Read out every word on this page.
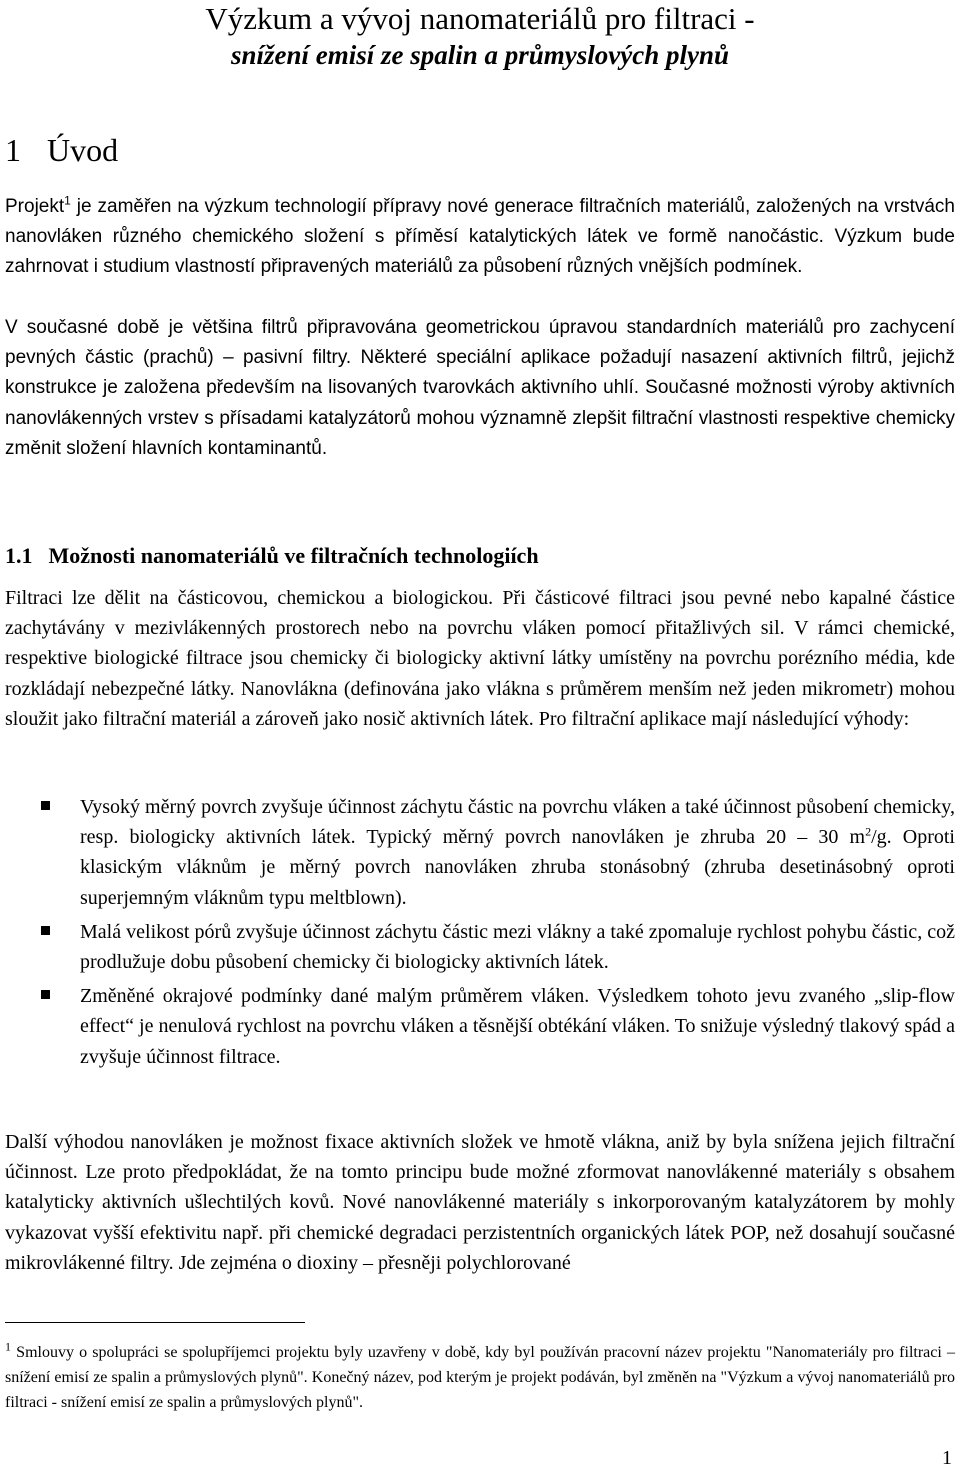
Výzkum a vývoj nanomateriálů pro filtraci -
snížení emisí ze spalin a průmyslových plynů
1 Úvod
Projekt$^1$ je zaměřen na výzkum technologií přípravy nové generace filtračních materiálů, založených na vrstvách nanovláken různého chemického složení s příměsí katalytických látek ve formě nanočástic. Výzkum bude zahrnovat i studium vlastností připravených materiálů za působení různých vnějších podmínek.
V současné době je většina filtrů připravována geometrickou úpravou standardních materiálů pro zachycení pevných částic (prachů) – pasivní filtry. Některé speciální aplikace požadují nasazení aktivních filtrů, jejichž konstrukce je založena především na lisovaných tvarovkách aktivního uhlí. Současné možnosti výroby aktivních nanovlákenných vrstev s přísadami katalyzátorů mohou významně zlepšit filtrační vlastnosti respektive chemicky změnit složení hlavních kontaminantů.
1.1 Možnosti nanomateriálů ve filtračních technologiích
Filtraci lze dělit na částicovou, chemickou a biologickou. Při částicové filtraci jsou pevné nebo kapalné částice zachytávány v mezivlákenných prostorech nebo na povrchu vláken pomocí přitažlivých sil. V rámci chemické, respektive biologické filtrace jsou chemicky či biologicky aktivní látky umístěny na povrchu porézního média, kde rozkládají nebezpečné látky. Nanovlákna (definována jako vlákna s průměrem menším než jeden mikrometr) mohou sloužit jako filtrační materiál a zároveň jako nosič aktivních látek. Pro filtrační aplikace mají následující výhody:
Vysoký měrný povrch zvyšuje účinnost záchytu částic na povrchu vláken a také účinnost působení chemicky, resp. biologicky aktivních látek. Typický měrný povrch nanovláken je zhruba 20 – 30 $m^2/g$. Oproti klasickým vláknům je měrný povrch nanovláken zhruba stonásobný (zhruba desetinásobný oproti superjemným vláknům typu meltblown).
Malá velikost pórů zvyšuje účinnost záchytu částic mezi vlákny a také zpomaluje rychlost pohybu částic, což prodlužuje dobu působení chemicky či biologicky aktivních látek.
Změněné okrajové podmínky dané malým průměrem vláken. Výsledkem tohoto jevu zvaného „slip-flow effect“ je nenulová rychlost na povrchu vláken a těsnější obtékání vláken. To snižuje výsledný tlakový spád a zvyšuje účinnost filtrace.
Další výhodou nanovláken je možnost fixace aktivních složek ve hmotě vlákna, aniž by byla snížena jejich filtrační účinnost. Lze proto předpokládat, že na tomto principu bude možné zformovat nanovlákenné materiály s obsahem katalyticky aktivních ušlechtilých kovů. Nové nanovlákenné materiály s inkorporovaným katalyzátorem by mohly vykazovat vyšší efektivitu např. při chemické degradaci perzistentních organických látek POP, než dosahují současné mikrovlákenné filtry. Jde zejména o dioxiny – přesněji polychlorované
$^1$ Smlouvy o spolupráci se spolupříjemci projektu byly uzavřeny v době, kdy byl používán pracovní název projektu "Nanomateriály pro filtraci – snížení emisí ze spalin a průmyslových plynů". Konečný název, pod kterým je projekt podáván, byl změněn na "Výzkum a vývoj nanomateriálů pro filtraci - snížení emisí ze spalin a průmyslových plynů".
1
